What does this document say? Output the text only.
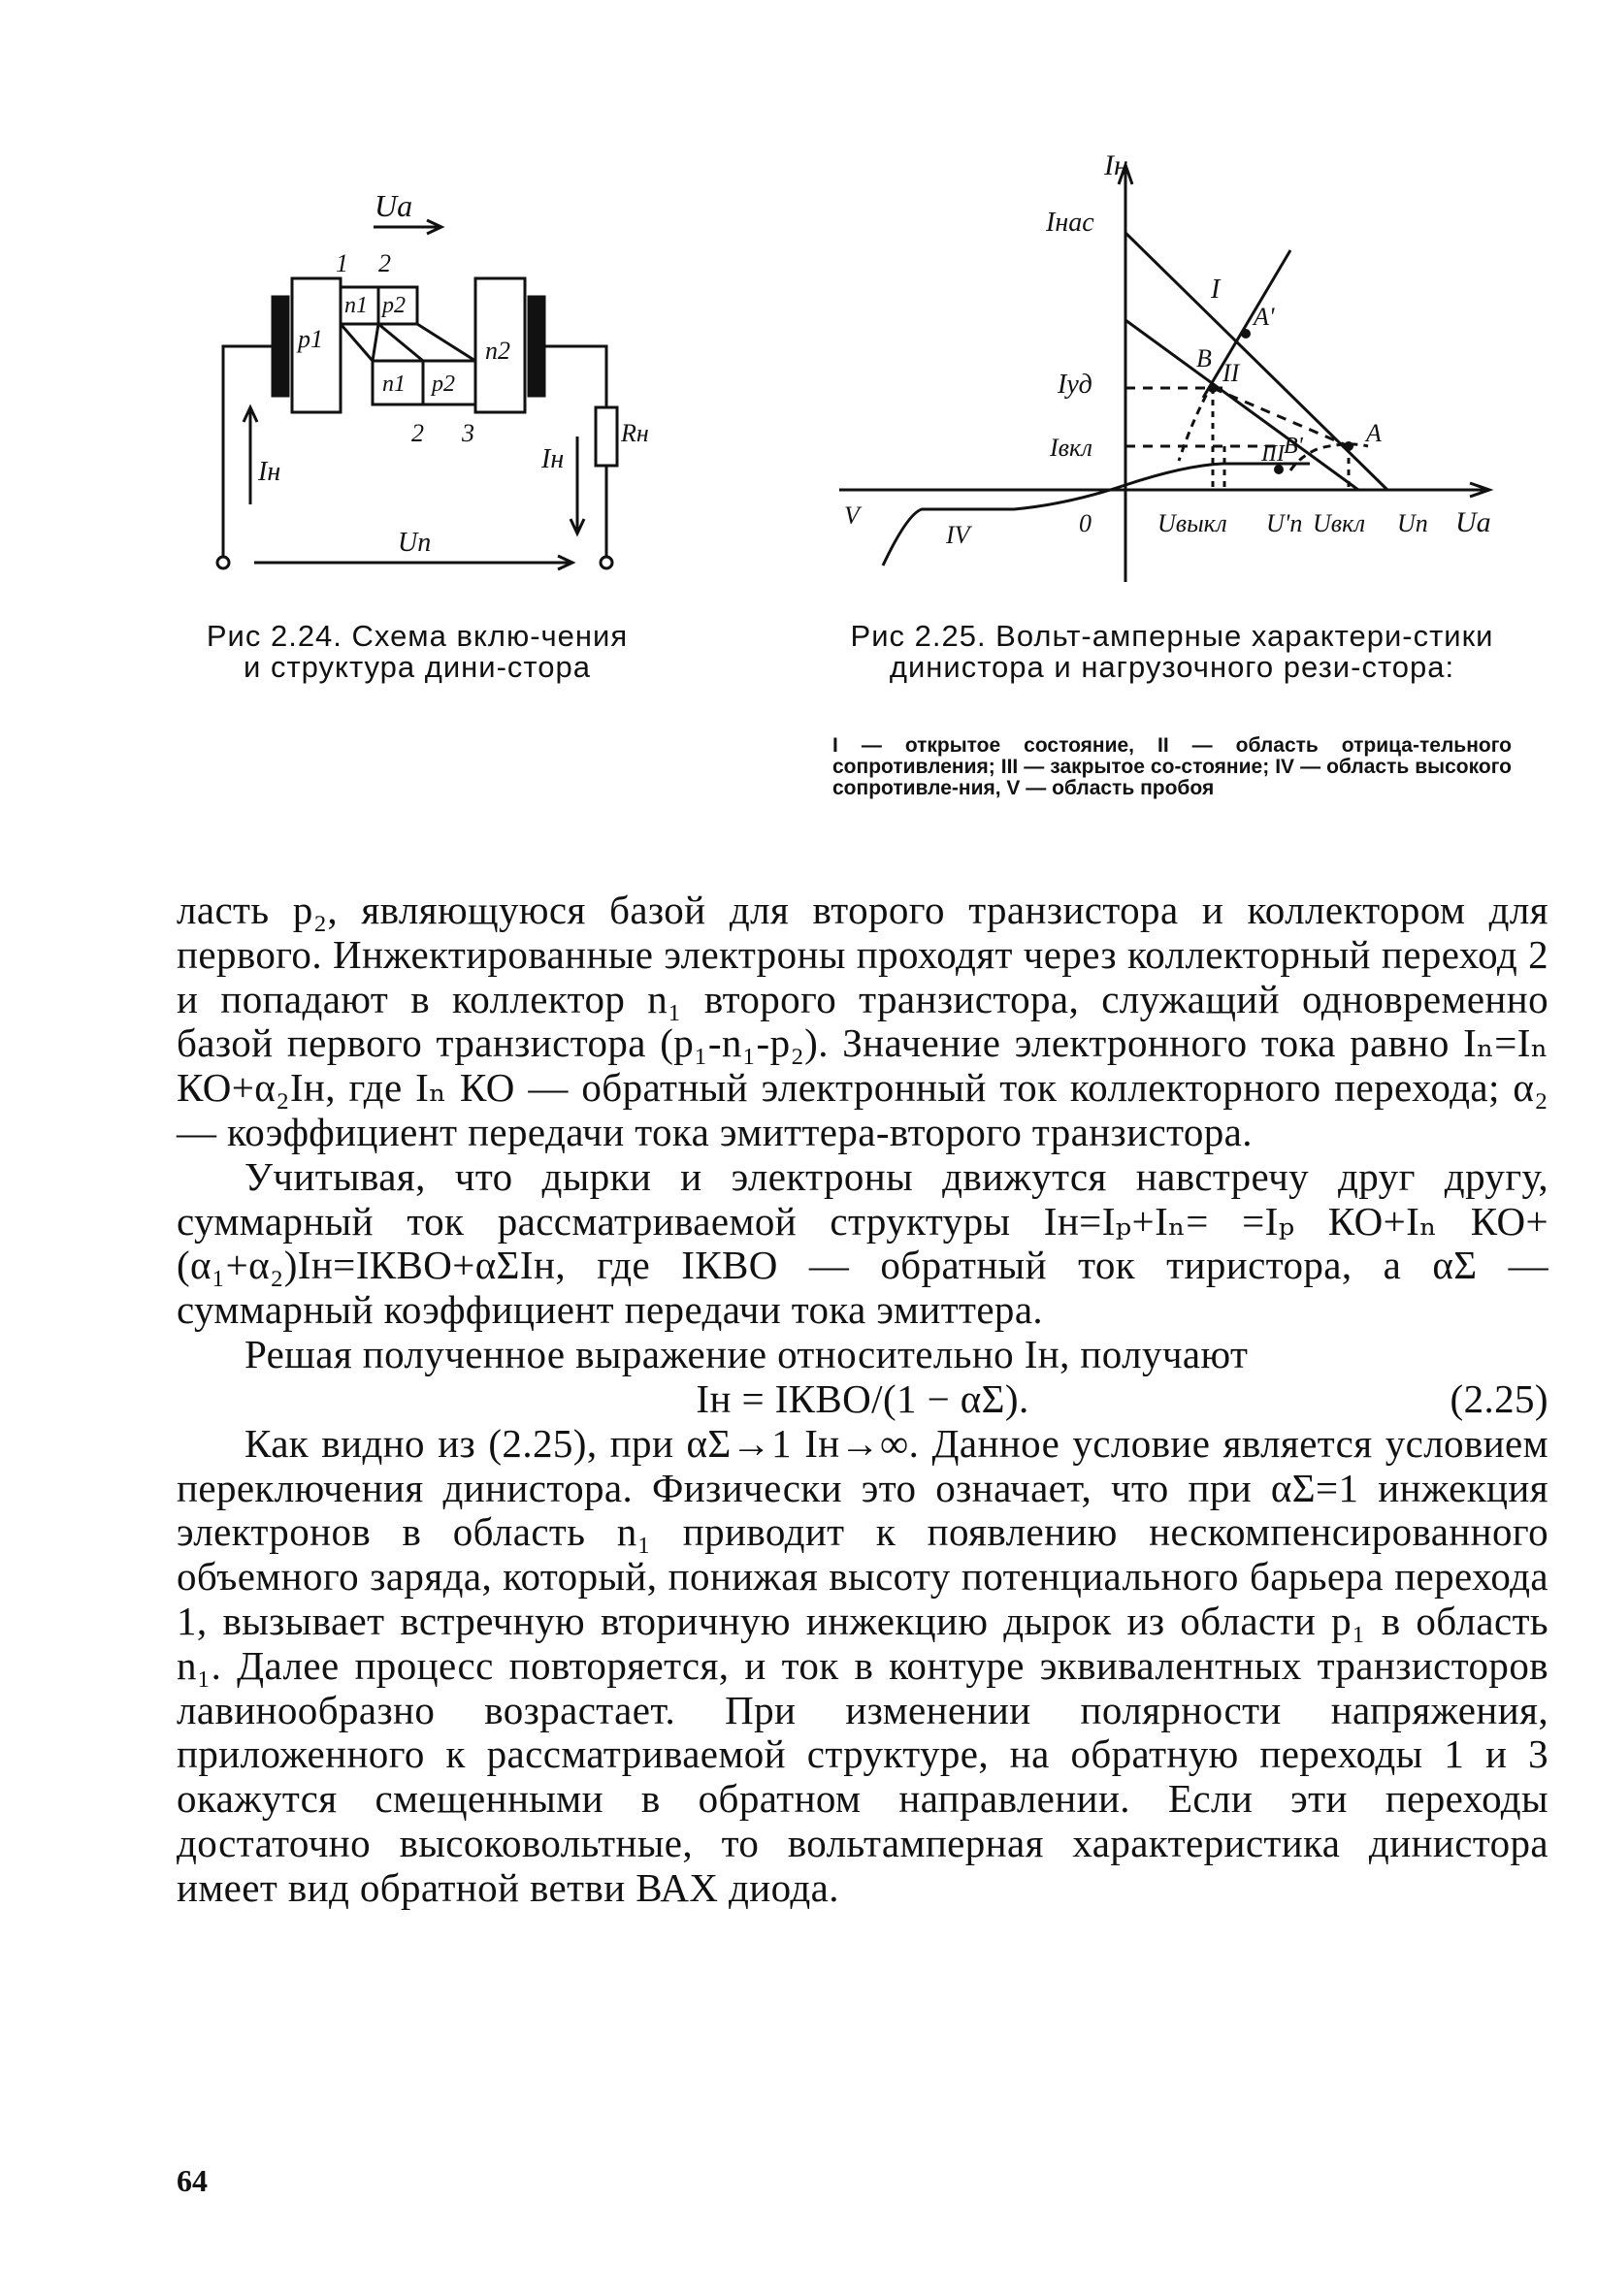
Uа
1 2
p1
n1 p2
n1 p2
n2
2 3
Iн	Iн
Rн
Uп
Рис 2.24. Схема вклю-чения и структура дини-стора
Iн
Iнас
Iуд
Iвкл
Uа
Uвыкл U'п Uвкл Uп
0
I
II
III
IV
V
A
A'
B
B'
Рис 2.25. Вольт-амперные характери-стики динистора и нагрузочного рези-стора:
I — открытое состояние, II — область отрица-тельного сопротивления; III — закрытое со-стояние; IV — область высокого сопротивле-ния, V — область пробоя

ласть p₂, являющуюся базой для второго транзистора и коллектором для первого. Инжектированные электроны проходят через коллекторный переход 2 и попадают в коллектор n₁ второго транзистора, служащий одновременно базой первого транзистора (p₁-n₁-p₂). Значение электронного тока равно Iₙ=Iₙ КО+α₂Iн, где Iₙ КО — обратный электронный ток коллекторного перехода; α₂ — коэффициент передачи тока эмиттера-второго транзистора.

Учитывая, что дырки и электроны движутся навстречу друг другу, суммарный ток рассматриваемой структуры Iн=Iₚ+Iₙ= =Iₚ КО+Iₙ КО+(α₁+α₂)Iн=IКВО+αΣIн, где IКВО — обратный ток тиристора, а αΣ — суммарный коэффициент передачи тока эмиттера.

Решая полученное выражение относительно Iн, получают

Iн = IКВО/(1 − αΣ).	(2.25)

Как видно из (2.25), при αΣ→1 Iн→∞. Данное условие является условием переключения динистора. Физически это означает, что при αΣ=1 инжекция электронов в область n₁ приводит к появлению нескомпенсированного объемного заряда, который, понижая высоту потенциального барьера перехода 1, вызывает встречную вторичную инжекцию дырок из области p₁ в область n₁. Далее процесс повторяется, и ток в контуре эквивалентных транзисторов лавинообразно возрастает. При изменении полярности напряжения, приложенного к рассматриваемой структуре, на обратную переходы 1 и 3 окажутся смещенными в обратном направлении. Если эти переходы достаточно высоковольтные, то вольтамперная характеристика динистора имеет вид обратной ветви ВАХ диода.

64
